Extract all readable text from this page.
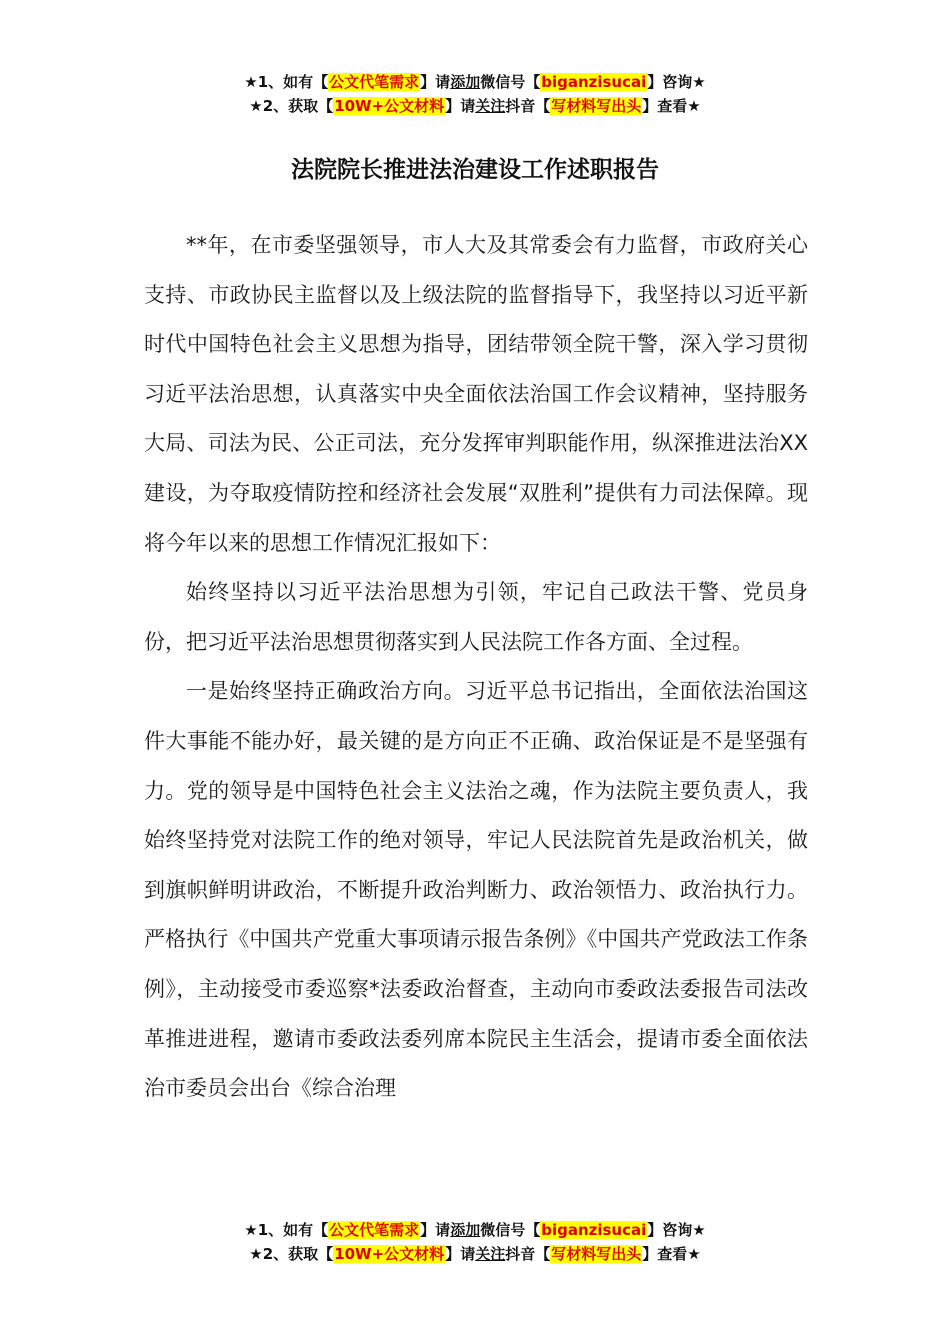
★1、如有【公文代笔需求】请添加微信号【biganzisucai】咨询★
★2、获取【10W+公文材料】请关注抖音【写材料写出头】查看★
法院院长推进法治建设工作述职报告

**年，在市委坚强领导，市人大及其常委会有力监督，市政府关心支持、市政协民主监督以及上级法院的监督指导下，我坚持以习近平新时代中国特色社会主义思想为指导，团结带领全院干警，深入学习贯彻习近平法治思想，认真落实中央全面依法治国工作会议精神，坚持服务大局、司法为民、公正司法，充分发挥审判职能作用，纵深推进法治XX建设，为夺取疫情防控和经济社会发展“双胜利”提供有力司法保障。现将今年以来的思想工作情况汇报如下：

始终坚持以习近平法治思想为引领，牢记自己政法干警、党员身份，把习近平法治思想贯彻落实到人民法院工作各方面、全过程。

一是始终坚持正确政治方向。习近平总书记指出，全面依法治国这件大事能不能办好，最关键的是方向正不正确、政治保证是不是坚强有力。党的领导是中国特色社会主义法治之魂，作为法院主要负责人，我始终坚持党对法院工作的绝对领导，牢记人民法院首先是政治机关，做到旗帜鲜明讲政治，不断提升政治判断力、政治领悟力、政治执行力。严格执行《中国共产党重大事项请示报告条例》《中国共产党政法工作条例》，主动接受市委巡察*法委政治督查，主动向市委政法委报告司法改革推进进程，邀请市委政法委列席本院民主生活会，提请市委全面依法治市委员会出台《综合治理

★1、如有【公文代笔需求】请添加微信号【biganzisucai】咨询★
★2、获取【10W+公文材料】请关注抖音【写材料写出头】查看★
